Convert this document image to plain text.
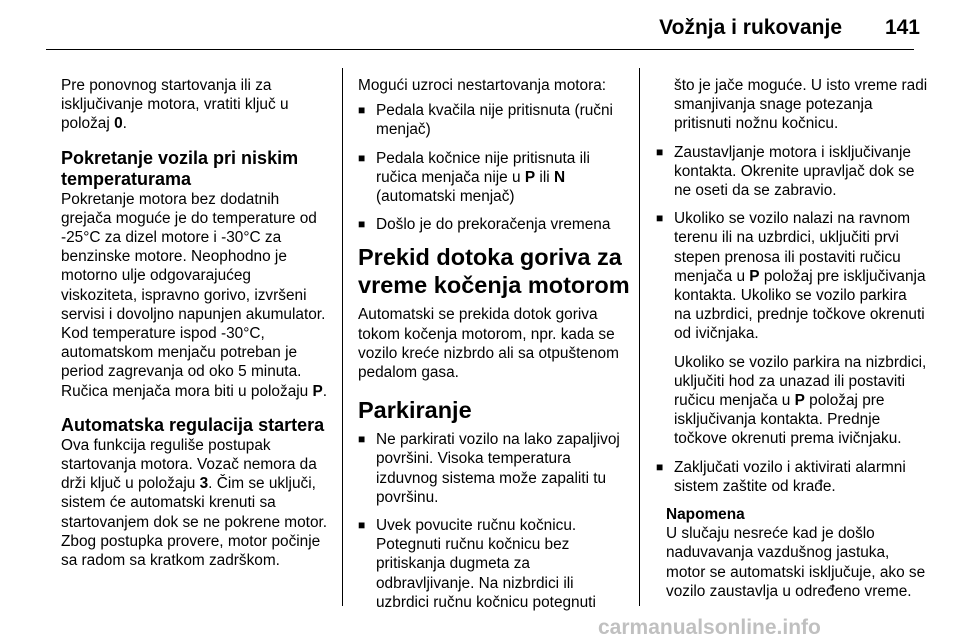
Vožnja i rukovanje 141

Pre ponovnog startovanja ili za isključivanje motora, vratiti ključ u položaj 0.

Pokretanje vozila pri niskim temperaturama

Pokretanje motora bez dodatnih grejača moguće je do temperature od -25°C za dizel motore i -30°C za benzinske motore. Neophodno je motorno ulje odgovarajućeg viskoziteta, ispravno gorivo, izvršeni servisi i dovoljno napunjen akumulator. Kod temperature ispod -30°C, automatskom menjaču potreban je period zagrevanja od oko 5 minuta. Ručica menjača mora biti u položaju P.

Automatska regulacija startera

Ova funkcija reguliše postupak startovanja motora. Vozač nemora da drži ključ u položaju 3. Čim se uključi, sistem će automatski krenuti sa startovanjem dok se ne pokrene motor. Zbog postupka provere, motor počinje sa radom sa kratkom zadrškom.

Mogući uzroci nestartovanja motora:

■ Pedala kvačila nije pritisnuta (ručni menjač)
■ Pedala kočnice nije pritisnuta ili ručica menjača nije u P ili N (automatski menjač)
■ Došlo je do prekoračenja vremena
Prekid dotoka goriva za vreme kočenja motorom

Automatski se prekida dotok goriva tokom kočenja motorom, npr. kada se vozilo kreće nizbrdo ali sa otpuštenom pedalom gasa.

Parkiranje
■ Ne parkirati vozilo na lako zapaljivoj površini. Visoka temperatura izduvnog sistema može zapaliti tu površinu.
■ Uvek povucite ručnu kočnicu. Potegnuti ručnu kočnicu bez pritiskanja dugmeta za odbravljivanje. Na nizbrdici ili uzbrdici ručnu kočnicu potegnuti

što je jače moguće. U isto vreme radi smanjivanja snage potezanja pritisnuti nožnu kočnicu.

■ Zaustavljanje motora i isključivanje kontakta. Okrenite upravljač dok se ne oseti da se zabravio.
■ Ukoliko se vozilo nalazi na ravnom terenu ili na uzbrdici, uključiti prvi stepen prenosa ili postaviti ručicu menjača u P položaj pre isključivanja kontakta. Ukoliko se vozilo parkira na uzbrdici, prednje točkove okrenuti od ivičnjaka.

Ukoliko se vozilo parkira na nizbrdici, uključiti hod za unazad ili postaviti ručicu menjača u P položaj pre isključivanja kontakta. Prednje točkove okrenuti prema ivičnjaku.

■ Zaključati vozilo i aktivirati alarmni sistem zaštite od krađe.
Napomena
U slučaju nesreće kad je došlo naduvavanja vazdušnog jastuka, motor se automatski isključuje, ako se vozilo zaustavlja u određeno vreme.
carmanualsonline.info
